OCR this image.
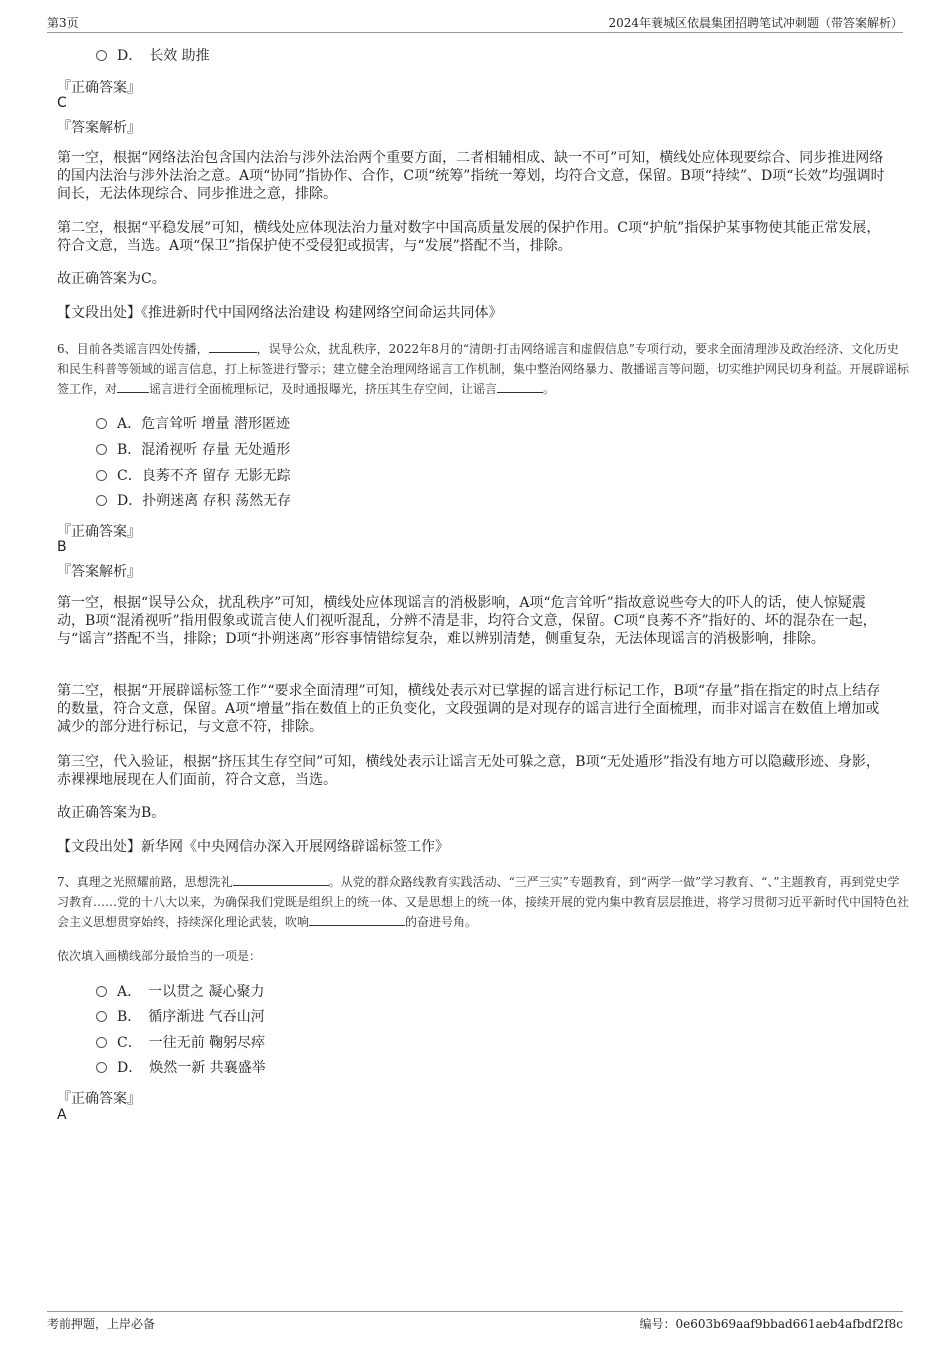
第3页	2024年蓑城区依晨集团招聘笔试冲刺题（带答案解析）
D．　长效 助推
『正确答案』
C
『答案解析』
第一空，根据“网络法治包含国内法治与涉外法治两个重要方面，二者相辅相成、缺一不可”可知，横线处应体现要综合、同步推进网络的国内法治与涉外法治之意。A项“协同”指协作、合作，C项“统筹”指统一筹划，均符合文意，保留。B项“持续”、D项“长效”均强调时间长，无法体现综合、同步推进之意，排除。
第二空，根据“平稳发展”可知，横线处应体现法治力量对数字中国高质量发展的保护作用。C项“护航”指保护某事物使其能正常发展，符合文意，当选。A项“保卫”指保护使不受侵犯或损害，与“发展”搭配不当，排除。
故正确答案为C。
【文段出处】《推进新时代中国网络法治建设 构建网络空间命运共同体》
6、目前各类谣言四处传播，	，误导公众，扰乱秩序，2022年8月的“清朗·打击网络谣言和虚假信息”专项行动，要求全面清理涉及政治经济、文化历史和民生科普等领域的谣言信息，打上标签进行警示；建立健全治理网络谣言工作机制，集中整治网络暴力、散播谣言等问题，切实维护网民切身利益。开展辟谣标签工作，对	谣言进行全面梳理标记，及时通报曝光，挤压其生存空间，让谣言	。
A．危言耸听 增量 潜形匿迹
B．混淆视听 存量 无处遁形
C．良莠不齐 留存 无影无踪
D．扑朔迷离 存积 荡然无存
『正确答案』
B
『答案解析』
第一空，根据“误导公众，扰乱秩序”可知，横线处应体现谣言的消极影响，A项“危言耸听”指故意说些夸大的吓人的话，使人惊疑震动，B项“混淆视听”指用假象或谎言使人们视听混乱，分辨不清是非，均符合文意，保留。C项“良莠不齐”指好的、坏的混杂在一起，与“谣言”搭配不当，排除；D项“扑朔迷离”形容事情错综复杂，难以辨别清楚，侧重复杂，无法体现谣言的消极影响，排除。
第二空，根据“开展辟谣标签工作”“要求全面清理”可知，横线处表示对已掌握的谣言进行标记工作，B项“存量”指在指定的时点上结存的数量，符合文意，保留。A项“增量”指在数值上的正负变化，文段强调的是对现存的谣言进行全面梳理，而非对谣言在数值上增加或减少的部分进行标记，与文意不符，排除。
第三空，代入验证，根据“挤压其生存空间”可知，横线处表示让谣言无处可躲之意，B项“无处遁形”指没有地方可以隐藏形迹、身影，赤裸裸地展现在人们面前，符合文意，当选。
故正确答案为B。
【文段出处】新华网《中央网信办深入开展网络辟谣标签工作》
7、真理之光照耀前路，思想洗礼	。从党的群众路线教育实践活动、“三严三实”专题教育，到“两学一做”学习教育、“、”主题教育，再到党史学习教育……党的十八大以来，为确保我们党既是组织上的统一体、又是思想上的统一体，接续开展的党内集中教育层层推进，将学习贯彻习近平新时代中国特色社会主义思想贯穿始终，持续深化理论武装，吹响	的奋进号角。
依次填入画横线部分最恰当的一项是：
A．　一以贯之 凝心聚力
B．　循序渐进 气吞山河
C．　一往无前 鞠躬尽瘁
D．　焕然一新 共襄盛举
『正确答案』
A
考前押题，上岸必备	编号：0e603b69aaf9bbad661aeb4afbdf2f8c
